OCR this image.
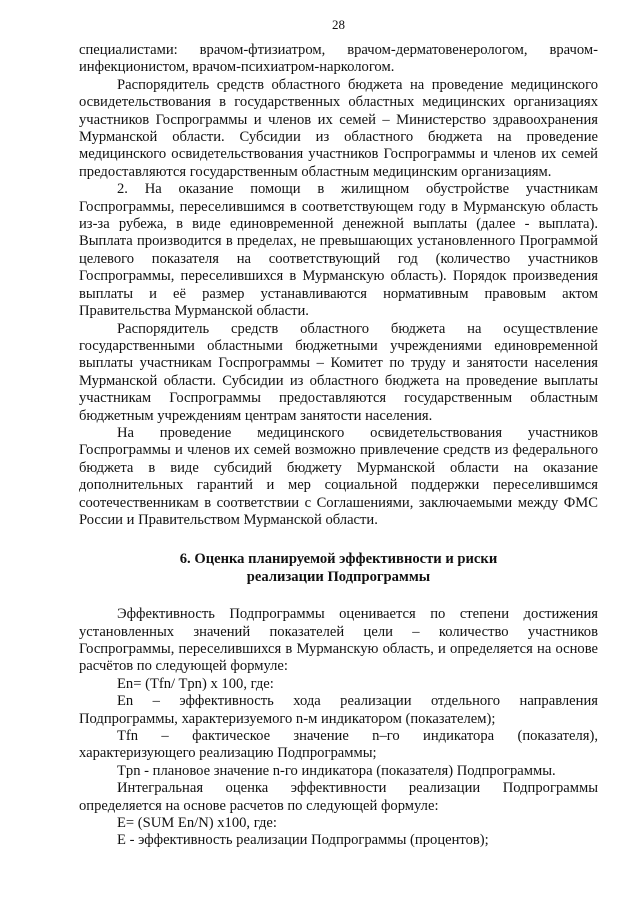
28

специалистами: врачом-фтизиатром, врачом-дерматовенерологом, врачом-инфекционистом, врачом-психиатром-наркологом.

Распорядитель средств областного бюджета на проведение медицинского освидетельствования в государственных областных медицинских организациях участников Госпрограммы и членов их семей – Министерство здравоохранения Мурманской области. Субсидии из областного бюджета на проведение медицинского освидетельствования участников Госпрограммы и членов их семей предоставляются государственным областным медицинским организациям.

2. На оказание помощи в жилищном обустройстве участникам Госпрограммы, переселившимся в соответствующем году в Мурманскую область из-за рубежа, в виде единовременной денежной выплаты (далее - выплата). Выплата производится в пределах, не превышающих установленного Программой целевого показателя на соответствующий год (количество участников Госпрограммы, переселившихся в Мурманскую область). Порядок произведения выплаты и её размер устанавливаются нормативным правовым актом Правительства Мурманской области.

Распорядитель средств областного бюджета на осуществление государственными областными бюджетными учреждениями единовременной выплаты участникам Госпрограммы – Комитет по труду и занятости населения Мурманской области. Субсидии из областного бюджета на проведение выплаты участникам Госпрограммы предоставляются государственным областным бюджетным учреждениям центрам занятости населения.

На проведение медицинского освидетельствования участников Госпрограммы и членов их семей возможно привлечение средств из федерального бюджета в виде субсидий бюджету Мурманской области на оказание дополнительных гарантий и мер социальной поддержки переселившимся соотечественникам в соответствии с Соглашениями, заключаемыми между ФМС России и Правительством Мурманской области.

6. Оценка планируемой эффективности и риски
реализации Подпрограммы

Эффективность Подпрограммы оценивается по степени достижения установленных значений показателей цели – количество участников Госпрограммы, переселившихся в Мурманскую область, и определяется на основе расчётов по следующей формуле:

En= (Tfn/ Tpn) х 100, где:

En – эффективность хода реализации отдельного направления Подпрограммы, характеризуемого n-м индикатором (показателем);

Tfn – фактическое значение n–го индикатора (показателя), характеризующего реализацию Подпрограммы;

Tpn - плановое значение n-го индикатора (показателя) Подпрограммы.

Интегральная оценка эффективности реализации Подпрограммы определяется на основе расчетов по следующей формуле:

E= (SUM En/N) х100, где:

E - эффективность реализации Подпрограммы (процентов);
